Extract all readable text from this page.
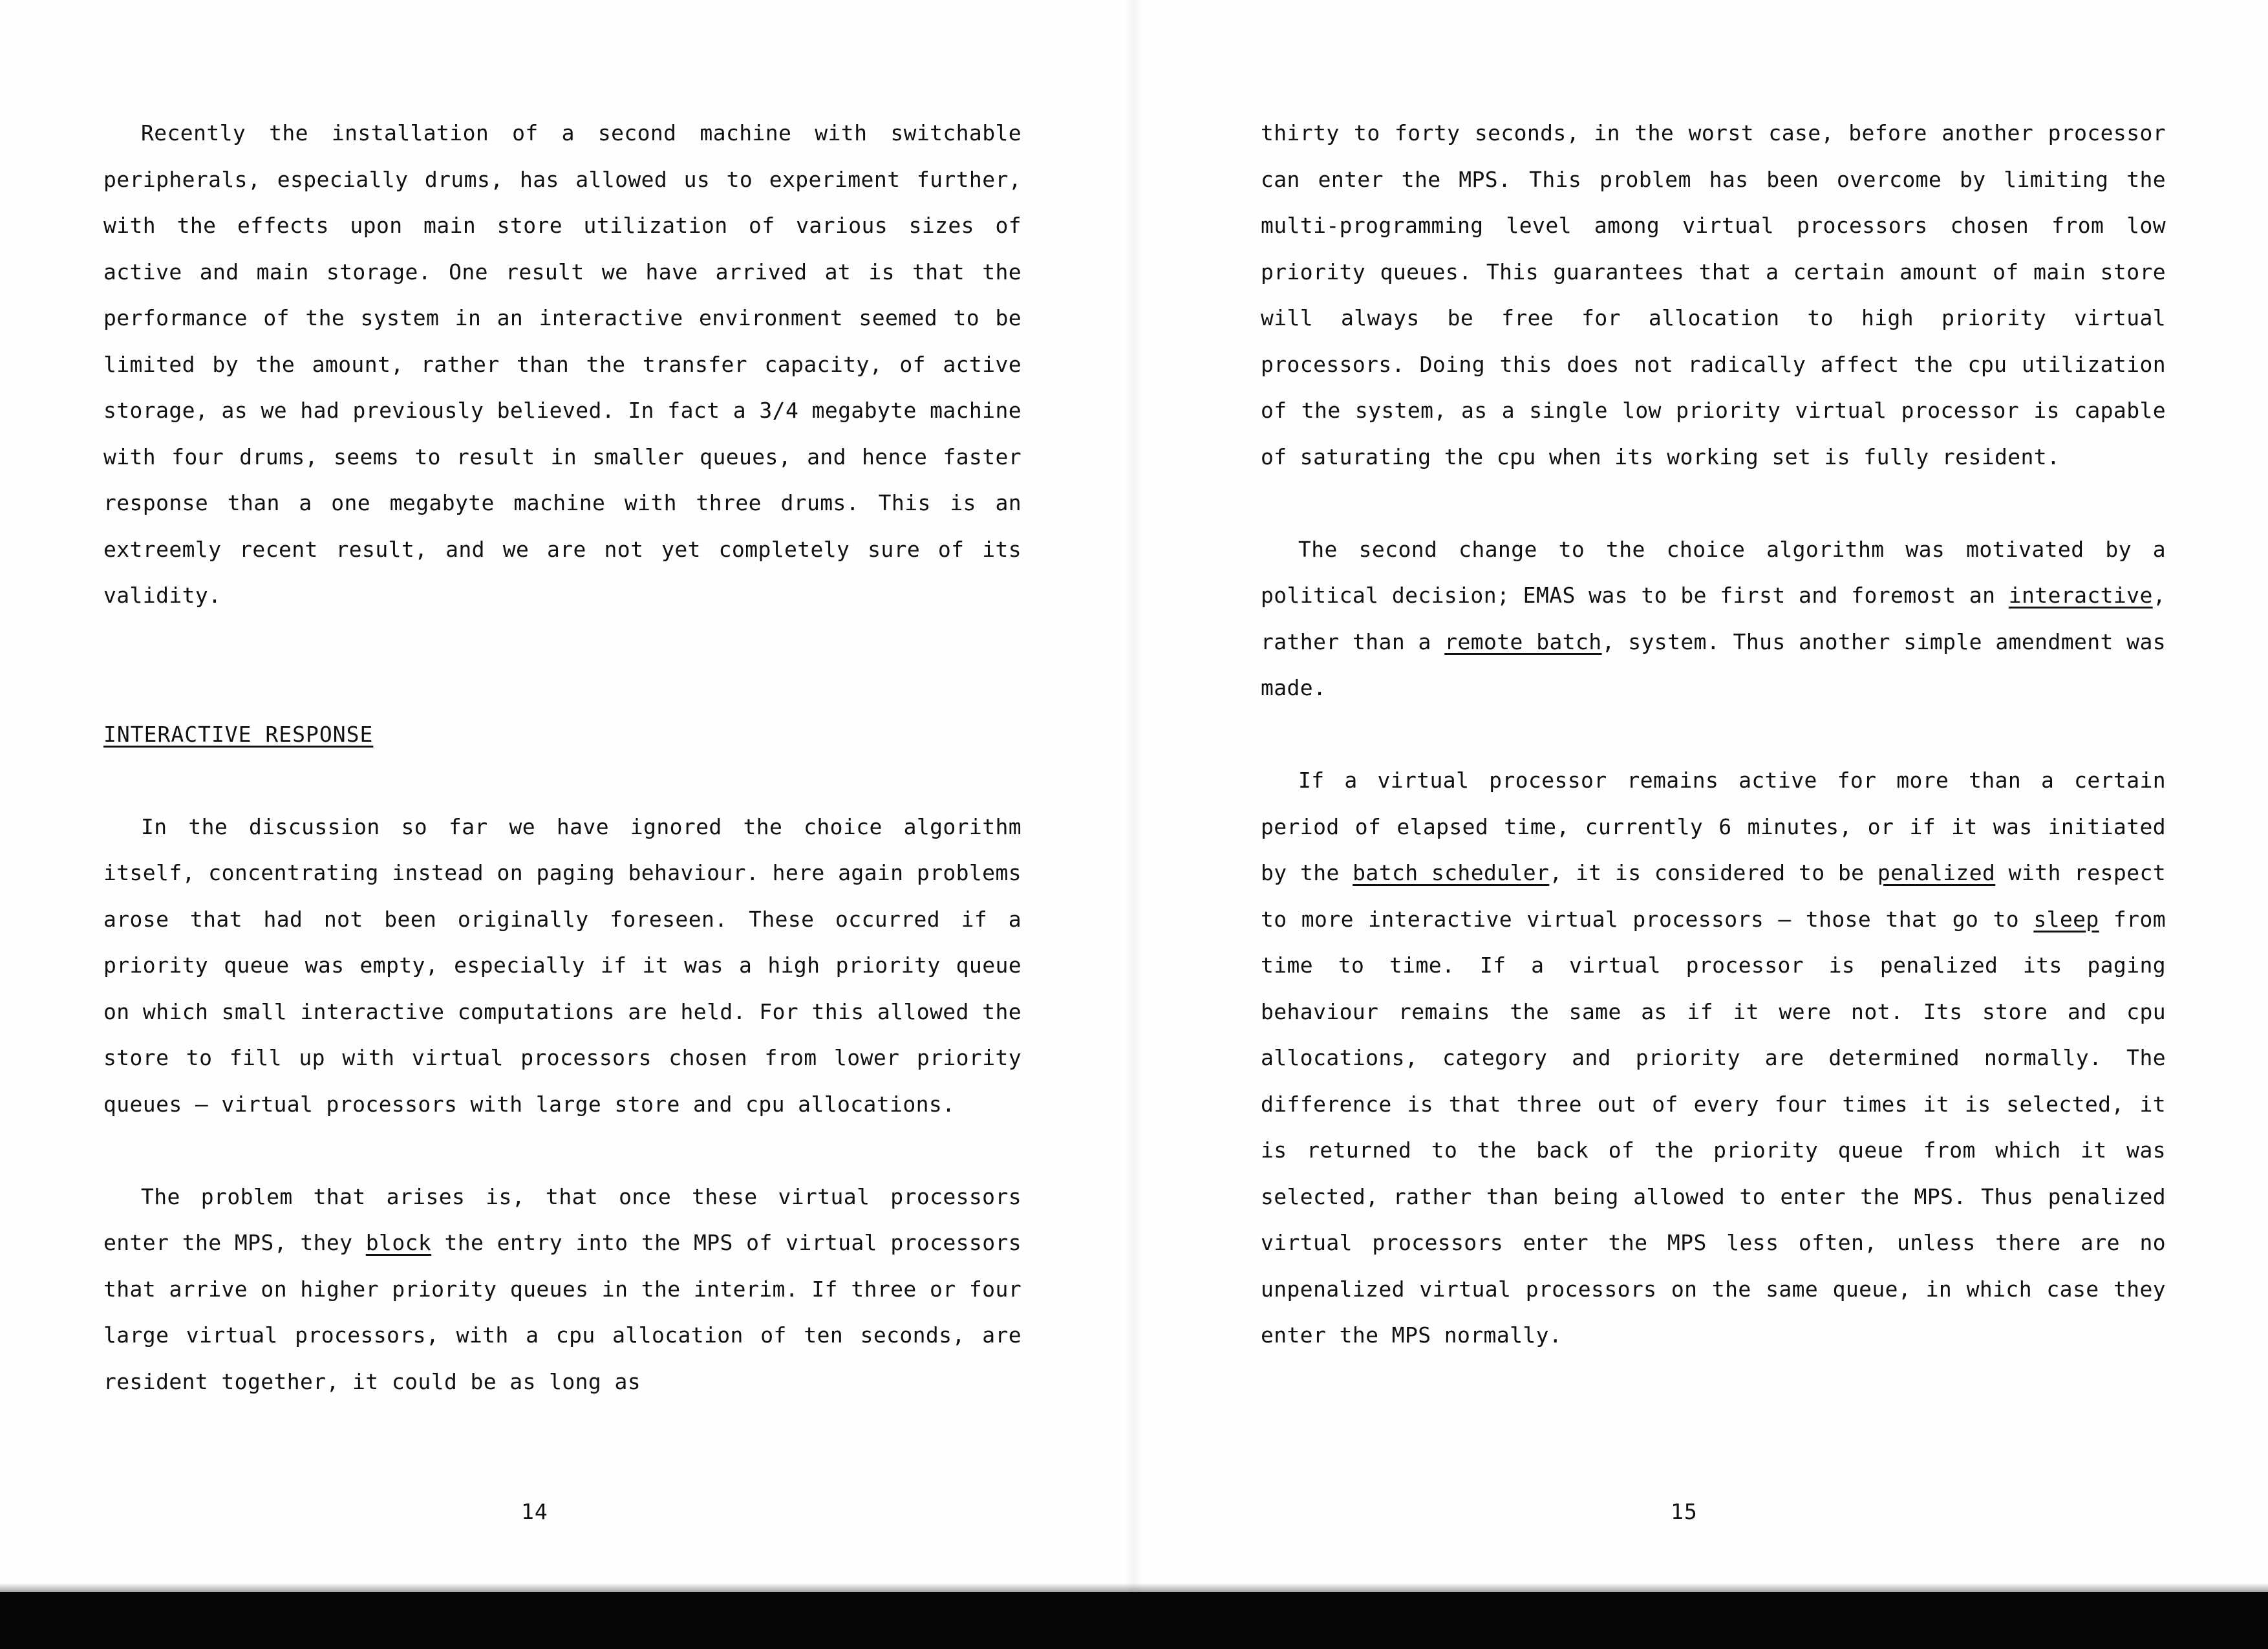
Recently the installation of a second machine with switchable peripherals, especially drums, has allowed us to experiment further, with the effects upon main store utilization of various sizes of active and main storage. One result we have arrived at is that the performance of the system in an interactive environment seemed to be limited by the amount, rather than the transfer capacity, of active storage, as we had previously believed. In fact a 3/4 megabyte machine with four drums, seems to result in smaller queues, and hence faster response than a one megabyte machine with three drums. This is an extreemly recent result, and we are not yet completely sure of its validity.

INTERACTIVE RESPONSE

In the discussion so far we have ignored the choice algorithm itself, concentrating instead on paging behaviour. here again problems arose that had not been originally foreseen. These occurred if a priority queue was empty, especially if it was a high priority queue on which small interactive computations are held. For this allowed the store to fill up with virtual processors chosen from lower priority queues – virtual processors with large store and cpu allocations.

The problem that arises is, that once these virtual processors enter the MPS, they block the entry into the MPS of virtual processors that arrive on higher priority queues in the interim. If three or four large virtual processors, with a cpu allocation of ten seconds, are resident together, it could be as long as

thirty to forty seconds, in the worst case, before another processor can enter the MPS. This problem has been overcome by limiting the multi-programming level among virtual processors chosen from low priority queues. This guarantees that a certain amount of main store will always be free for allocation to high priority virtual processors. Doing this does not radically affect the cpu utilization of the system, as a single low priority virtual processor is capable of saturating the cpu when its working set is fully resident.

The second change to the choice algorithm was motivated by a political decision; EMAS was to be first and foremost an interactive, rather than a remote batch, system. Thus another simple amendment was made.

If a virtual processor remains active for more than a certain period of elapsed time, currently 6 minutes, or if it was initiated by the batch scheduler, it is considered to be penalized with respect to more interactive virtual processors – those that go to sleep from time to time. If a virtual processor is penalized its paging behaviour remains the same as if it were not. Its store and cpu allocations, category and priority are determined normally. The difference is that three out of every four times it is selected, it is returned to the back of the priority queue from which it was selected, rather than being allowed to enter the MPS. Thus penalized virtual processors enter the MPS less often, unless there are no unpenalized virtual processors on the same queue, in which case they enter the MPS normally.

14	15
